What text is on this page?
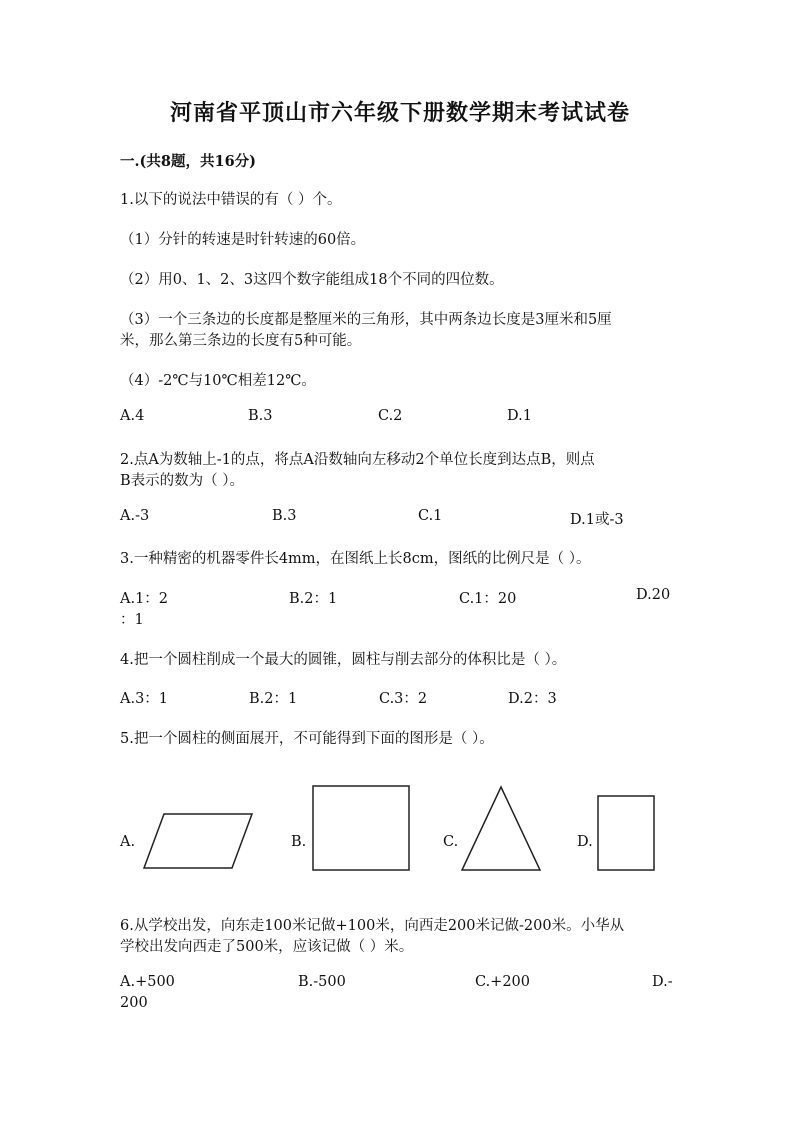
河南省平顶山市六年级下册数学期末考试试卷
一.(共8题，共16分)
1.以下的说法中错误的有（ ）个。
（1）分针的转速是时针转速的60倍。
（2）用0、1、2、3这四个数字能组成18个不同的四位数。
（3）一个三条边的长度都是整厘米的三角形，其中两条边长度是3厘米和5厘
米，那么第三条边的长度有5种可能。
（4）-2℃与10℃相差12℃。
A.4	B.3	C.2	D.1
2.点A为数轴上-1的点，将点A沿数轴向左移动2个单位长度到达点B，则点
B表示的数为（ ）。
A.-3	B.3	C.1	D.1或-3
3.一种精密的机器零件长4mm，在图纸上长8cm，图纸的比例尺是（ ）。
A.1：2	B.2：1	C.1：20	D.20
：1
4.把一个圆柱削成一个最大的圆锥，圆柱与削去部分的体积比是（ ）。
A.3：1	B.2：1	C.3：2	D.2：3
5.把一个圆柱的侧面展开，不可能得到下面的图形是（ ）。
A.	B.	C.	D.
6.从学校出发，向东走100米记做+100米，向西走200米记做-200米。小华从
学校出发向西走了500米，应该记做（ ）米。
A.+500	B.-500	C.+200	D.-
200
